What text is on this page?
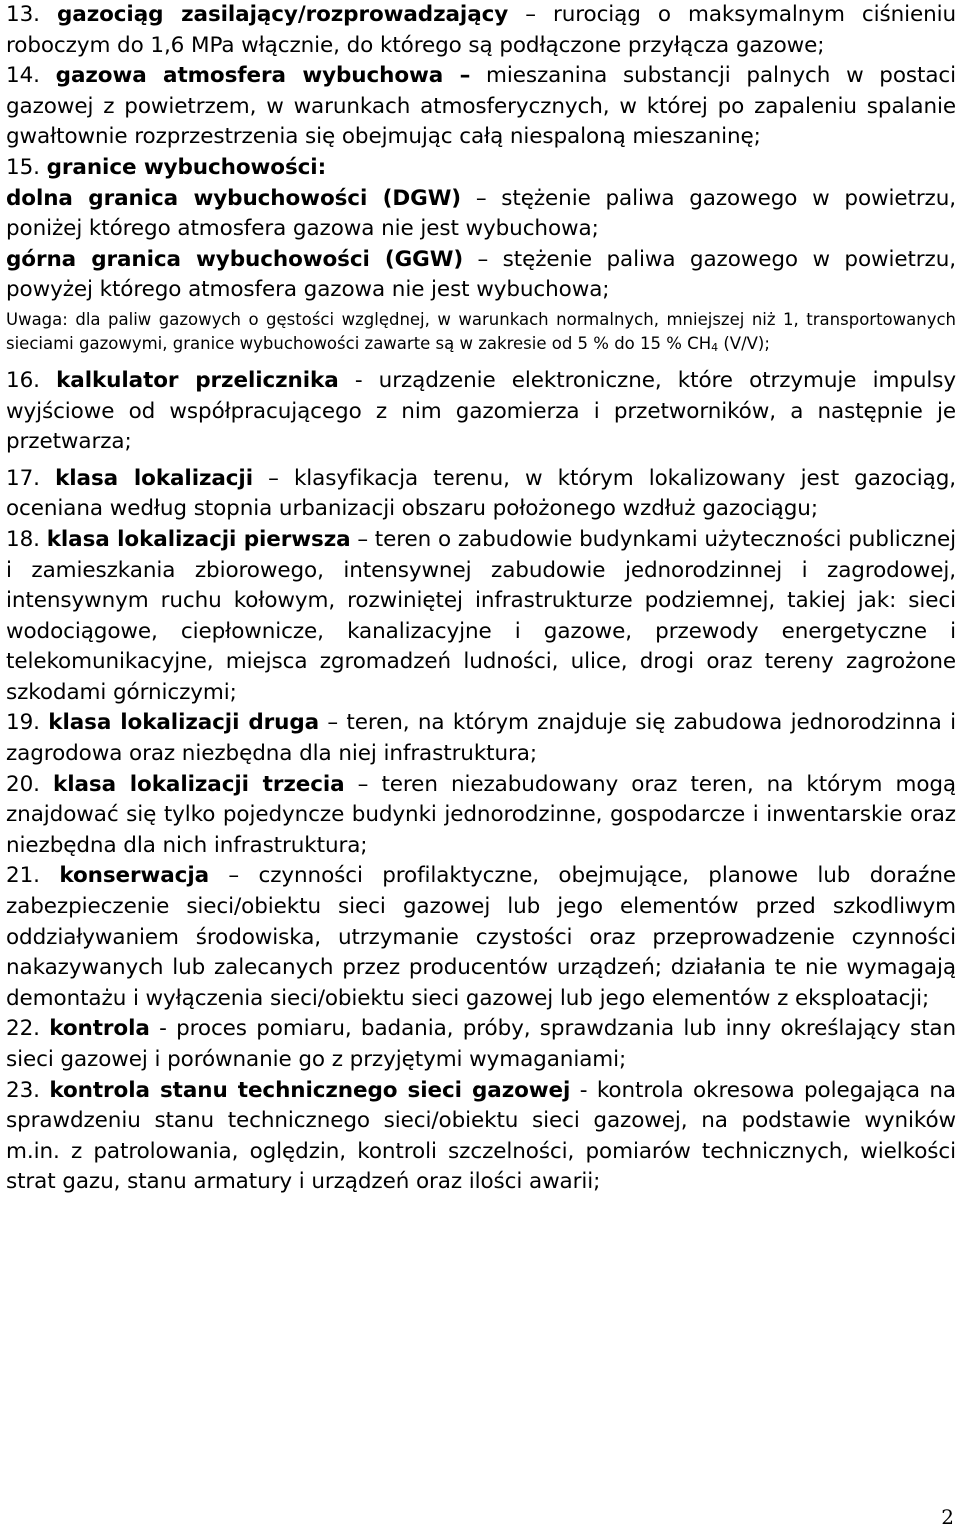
13. gazociąg zasilający/rozprowadzający – rurociąg o maksymalnym ciśnieniu roboczym do 1,6 MPa włącznie, do którego są podłączone przyłącza gazowe;

14. gazowa atmosfera wybuchowa – mieszanina substancji palnych w postaci gazowej z powietrzem, w warunkach atmosferycznych, w której po zapaleniu spalanie gwałtownie rozprzestrzenia się obejmując całą niespaloną mieszaninę;

15. granice wybuchowości:

dolna granica wybuchowości (DGW) – stężenie paliwa gazowego w powietrzu, poniżej którego atmosfera gazowa nie jest wybuchowa;

górna granica wybuchowości (GGW) – stężenie paliwa gazowego w powietrzu, powyżej którego atmosfera gazowa nie jest wybuchowa;

Uwaga: dla paliw gazowych o gęstości względnej, w warunkach normalnych, mniejszej niż 1, transportowanych sieciami gazowymi, granice wybuchowości zawarte są w zakresie od 5 % do 15 % $CH_4$ (V/V);

16. kalkulator przelicznika - urządzenie elektroniczne, które otrzymuje impulsy wyjściowe od współpracującego z nim gazomierza i przetworników, a następnie je przetwarza;

17. klasa lokalizacji – klasyfikacja terenu, w którym lokalizowany jest gazociąg, oceniana według stopnia urbanizacji obszaru położonego wzdłuż gazociągu;

18. klasa lokalizacji pierwsza – teren o zabudowie budynkami użyteczności publicznej i zamieszkania zbiorowego, intensywnej zabudowie jednorodzinnej i zagrodowej, intensywnym ruchu kołowym, rozwiniętej infrastrukturze podziemnej, takiej jak: sieci wodociągowe, ciepłownicze, kanalizacyjne i gazowe, przewody energetyczne i telekomunikacyjne, miejsca zgromadzeń ludności, ulice, drogi oraz tereny zagrożone szkodami górniczymi;

19. klasa lokalizacji druga – teren, na którym znajduje się zabudowa jednorodzinna i zagrodowa oraz niezbędna dla niej infrastruktura;

20. klasa lokalizacji trzecia – teren niezabudowany oraz teren, na którym mogą znajdować się tylko pojedyncze budynki jednorodzinne, gospodarcze i inwentarskie oraz niezbędna dla nich infrastruktura;

21. konserwacja – czynności profilaktyczne, obejmujące, planowe lub doraźne zabezpieczenie sieci/obiektu sieci gazowej lub jego elementów przed szkodliwym oddziaływaniem środowiska, utrzymanie czystości oraz przeprowadzenie czynności nakazywanych lub zalecanych przez producentów urządzeń; działania te nie wymagają demontażu i wyłączenia sieci/obiektu sieci gazowej lub jego elementów z eksploatacji;

22. kontrola - proces pomiaru, badania, próby, sprawdzania lub inny określający stan sieci gazowej i porównanie go z przyjętymi wymaganiami;

23. kontrola stanu technicznego sieci gazowej - kontrola okresowa polegająca na sprawdzeniu stanu technicznego sieci/obiektu sieci gazowej, na podstawie wyników m.in. z patrolowania, oględzin, kontroli szczelności, pomiarów technicznych, wielkości strat gazu, stanu armatury i urządzeń oraz ilości awarii;

2
